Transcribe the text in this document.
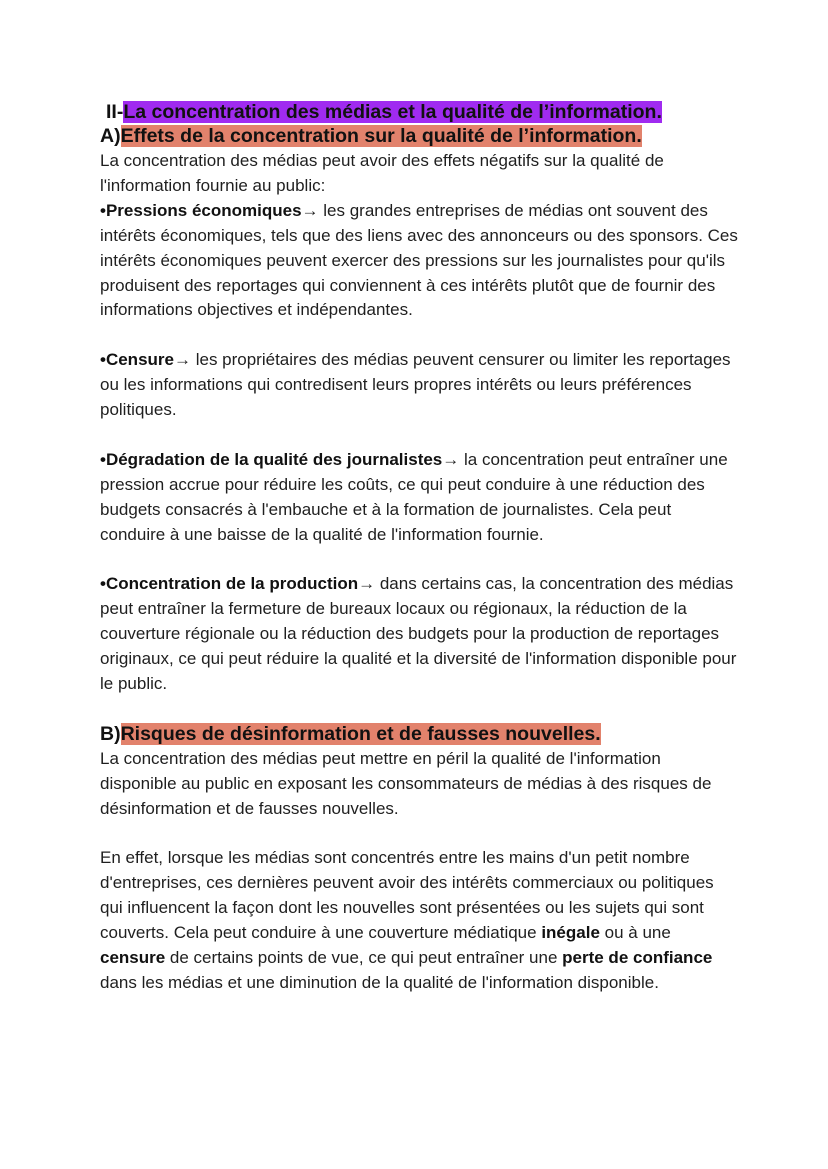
II-La concentration des médias et la qualité de l’information.
A)Effets de la concentration sur la qualité de l’information.

La concentration des médias peut avoir des effets négatifs sur la qualité de l'information fournie au public:

•Pressions économiques→ les grandes entreprises de médias ont souvent des intérêts économiques, tels que des liens avec des annonceurs ou des sponsors. Ces intérêts économiques peuvent exercer des pressions sur les journalistes pour qu'ils produisent des reportages qui conviennent à ces intérêts plutôt que de fournir des informations objectives et indépendantes.

•Censure→ les propriétaires des médias peuvent censurer ou limiter les reportages ou les informations qui contredisent leurs propres intérêts ou leurs préférences politiques.

•Dégradation de la qualité des journalistes→ la concentration peut entraîner une pression accrue pour réduire les coûts, ce qui peut conduire à une réduction des budgets consacrés à l'embauche et à la formation de journalistes. Cela peut conduire à une baisse de la qualité de l'information fournie.

•Concentration de la production→ dans certains cas, la concentration des médias peut entraîner la fermeture de bureaux locaux ou régionaux, la réduction de la couverture régionale ou la réduction des budgets pour la production de reportages originaux, ce qui peut réduire la qualité et la diversité de l'information disponible pour le public.

B)Risques de désinformation et de fausses nouvelles.

La concentration des médias peut mettre en péril la qualité de l'information disponible au public en exposant les consommateurs de médias à des risques de désinformation et de fausses nouvelles.

En effet, lorsque les médias sont concentrés entre les mains d'un petit nombre d'entreprises, ces dernières peuvent avoir des intérêts commerciaux ou politiques qui influencent la façon dont les nouvelles sont présentées ou les sujets qui sont couverts. Cela peut conduire à une couverture médiatique inégale ou à une censure de certains points de vue, ce qui peut entraîner une perte de confiance dans les médias et une diminution de la qualité de l'information disponible.
